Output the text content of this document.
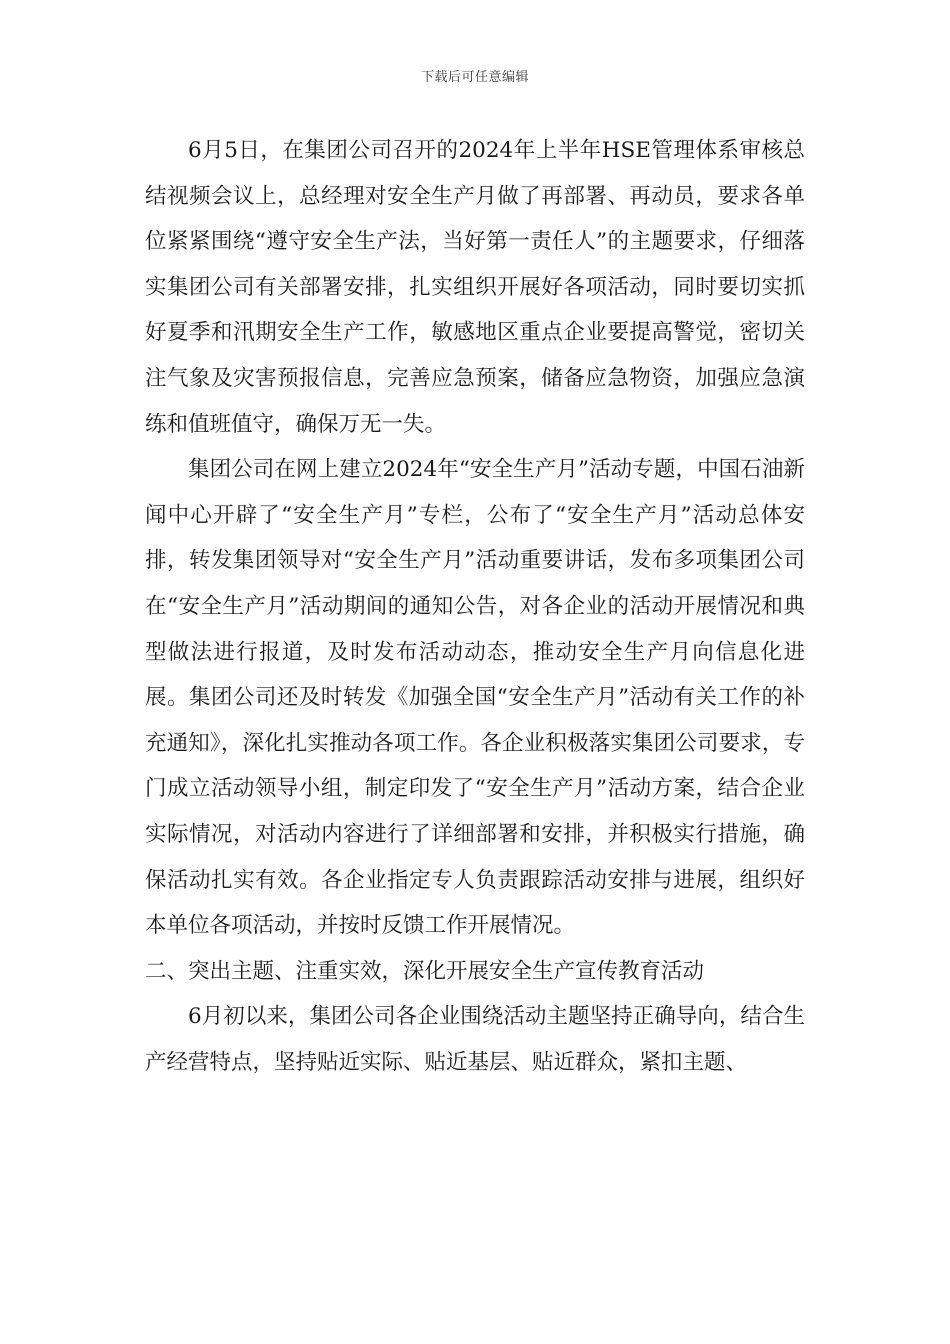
下载后可任意编辑

6月5日，在集团公司召开的2024年上半年HSE管理体系审核总结视频会议上，总经理对安全生产月做了再部署、再动员，要求各单位紧紧围绕“遵守安全生产法，当好第一责任人”的主题要求，仔细落实集团公司有关部署安排，扎实组织开展好各项活动，同时要切实抓好夏季和汛期安全生产工作，敏感地区重点企业要提高警觉，密切关注气象及灾害预报信息，完善应急预案，储备应急物资，加强应急演练和值班值守，确保万无一失。

集团公司在网上建立2024年“安全生产月”活动专题，中国石油新闻中心开辟了“安全生产月”专栏，公布了“安全生产月”活动总体安排，转发集团领导对“安全生产月”活动重要讲话，发布多项集团公司在“安全生产月”活动期间的通知公告，对各企业的活动开展情况和典型做法进行报道，及时发布活动动态，推动安全生产月向信息化进展。集团公司还及时转发《加强全国“安全生产月”活动有关工作的补充通知》，深化扎实推动各项工作。各企业积极落实集团公司要求，专门成立活动领导小组，制定印发了“安全生产月”活动方案，结合企业实际情况，对活动内容进行了详细部署和安排，并积极实行措施，确保活动扎实有效。各企业指定专人负责跟踪活动安排与进展，组织好本单位各项活动，并按时反馈工作开展情况。

二、突出主题、注重实效，深化开展安全生产宣传教育活动

6月初以来，集团公司各企业围绕活动主题坚持正确导向，结合生产经营特点，坚持贴近实际、贴近基层、贴近群众，紧扣主题、
